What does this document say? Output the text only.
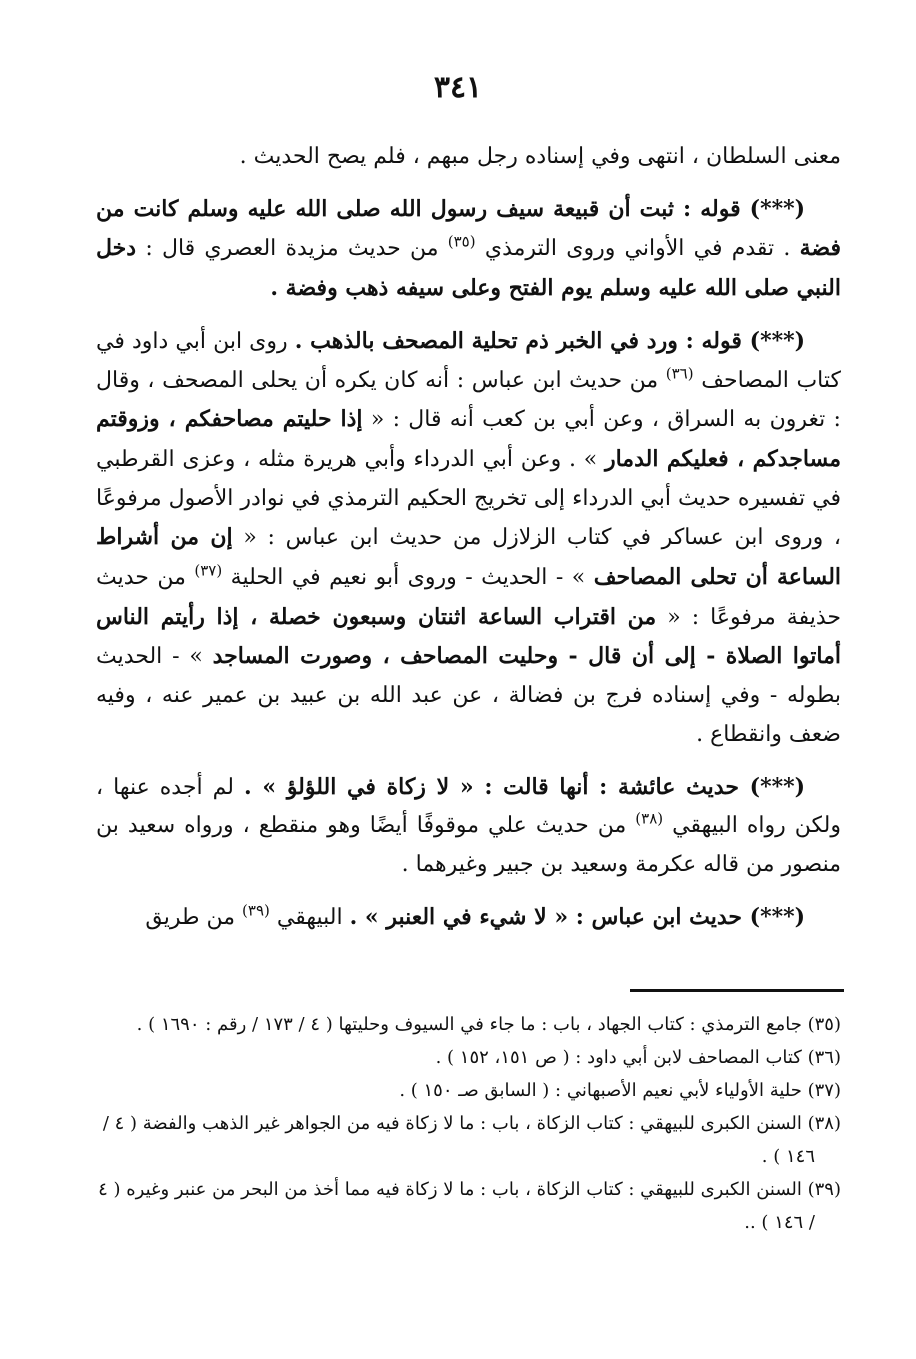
٣٤١

معنى السلطان ، انتهى وفي إسناده رجل مبهم ، فلم يصح الحديث .

(***) قوله : ثبت أن قبيعة سيف رسول الله صلى الله عليه وسلم كانت من فضة . تقدم في الأواني وروى الترمذي $^{(٣٥)}$ من حديث مزيدة العصري قال : دخل النبي صلى الله عليه وسلم يوم الفتح وعلى سيفه ذهب وفضة .

(***) قوله : ورد في الخبر ذم تحلية المصحف بالذهب . روى ابن أبي داود في كتاب المصاحف $^{(٣٦)}$ من حديث ابن عباس : أنه كان يكره أن يحلى المصحف ، وقال : تغرون به السراق ، وعن أبي بن كعب أنه قال : « إذا حليتم مصاحفكم ، وزوقتم مساجدكم ، فعليكم الدمار » . وعن أبي الدرداء وأبي هريرة مثله ، وعزى القرطبي في تفسيره حديث أبي الدرداء إلى تخريج الحكيم الترمذي في نوادر الأصول مرفوعًا ، وروى ابن عساكر في كتاب الزلازل من حديث ابن عباس : « إن من أشراط الساعة أن تحلى المصاحف » - الحديث - وروى أبو نعيم في الحلية $^{(٣٧)}$ من حديث حذيفة مرفوعًا : « من اقتراب الساعة اثنتان وسبعون خصلة ، إذا رأيتم الناس أماتوا الصلاة - إلى أن قال - وحليت المصاحف ، وصورت المساجد » - الحديث بطوله - وفي إسناده فرج بن فضالة ، عن عبد الله بن عبيد بن عمير عنه ، وفيه ضعف وانقطاع .

(***) حديث عائشة : أنها قالت : « لا زكاة في اللؤلؤ » . لم أجده عنها ، ولكن رواه البيهقي $^{(٣٨)}$ من حديث علي موقوفًا أيضًا وهو منقطع ، ورواه سعيد بن منصور من قاله عكرمة وسعيد بن جبير وغيرهما .

(***) حديث ابن عباس : « لا شيء في العنبر » . البيهقي $^{(٣٩)}$ من طريق

(٣٥) جامع الترمذي : كتاب الجهاد ، باب : ما جاء في السيوف وحليتها ( ٤ / ١٧٣ / رقم : ١٦٩٠ ) .

(٣٦) كتاب المصاحف لابن أبي داود : ( ص ١٥١، ١٥٢ ) .

(٣٧) حلية الأولياء لأبي نعيم الأصبهاني : ( السابق صـ ١٥٠ ) .

(٣٨) السنن الكبرى للبيهقي : كتاب الزكاة ، باب : ما لا زكاة فيه من الجواهر غير الذهب والفضة ( ٤ / ١٤٦ ) .

(٣٩) السنن الكبرى للبيهقي : كتاب الزكاة ، باب : ما لا زكاة فيه مما أخذ من البحر من عنبر وغيره ( ٤ / ١٤٦ ) ..
